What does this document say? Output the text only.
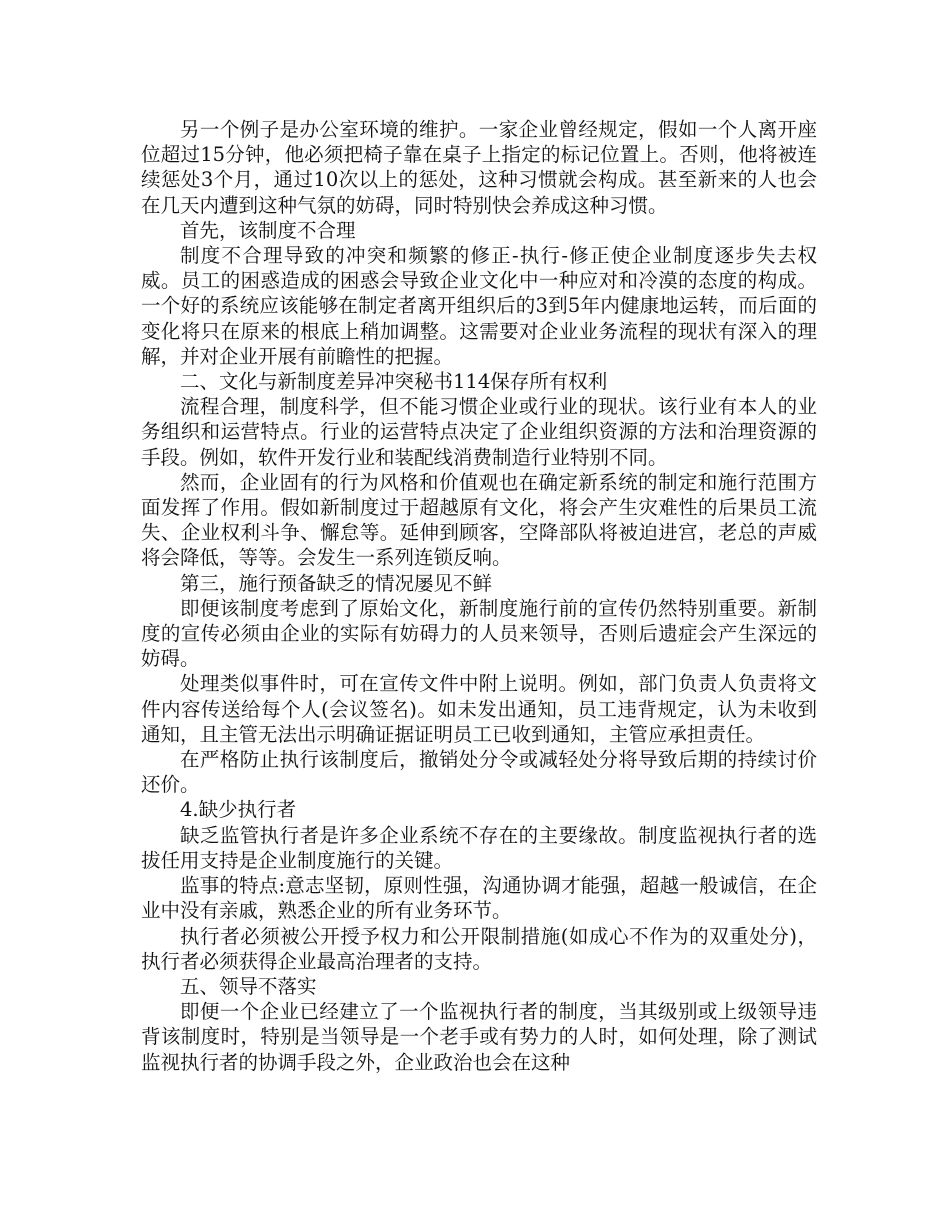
另一个例子是办公室环境的维护。一家企业曾经规定，假如一个人离开座位超过15分钟，他必须把椅子靠在桌子上指定的标记位置上。否则，他将被连续惩处3个月，通过10次以上的惩处，这种习惯就会构成。甚至新来的人也会在几天内遭到这种气氛的妨碍，同时特别快会养成这种习惯。

首先，该制度不合理

制度不合理导致的冲突和频繁的修正-执行-修正使企业制度逐步失去权威。员工的困惑造成的困惑会导致企业文化中一种应对和冷漠的态度的构成。一个好的系统应该能够在制定者离开组织后的3到5年内健康地运转，而后面的变化将只在原来的根底上稍加调整。这需要对企业业务流程的现状有深入的理解，并对企业开展有前瞻性的把握。

二、文化与新制度差异冲突秘书114保存所有权利

流程合理，制度科学，但不能习惯企业或行业的现状。该行业有本人的业务组织和运营特点。行业的运营特点决定了企业组织资源的方法和治理资源的手段。例如，软件开发行业和装配线消费制造行业特别不同。

然而，企业固有的行为风格和价值观也在确定新系统的制定和施行范围方面发挥了作用。假如新制度过于超越原有文化，将会产生灾难性的后果员工流失、企业权利斗争、懈怠等。延伸到顾客，空降部队将被迫进宫，老总的声威将会降低，等等。会发生一系列连锁反响。

第三，施行预备缺乏的情况屡见不鲜

即便该制度考虑到了原始文化，新制度施行前的宣传仍然特别重要。新制度的宣传必须由企业的实际有妨碍力的人员来领导，否则后遗症会产生深远的妨碍。

处理类似事件时，可在宣传文件中附上说明。例如，部门负责人负责将文件内容传送给每个人(会议签名)。如未发出通知，员工违背规定，认为未收到通知，且主管无法出示明确证据证明员工已收到通知，主管应承担责任。

在严格防止执行该制度后，撤销处分令或减轻处分将导致后期的持续讨价还价。

4.缺少执行者

缺乏监管执行者是许多企业系统不存在的主要缘故。制度监视执行者的选拔任用支持是企业制度施行的关键。

监事的特点:意志坚韧，原则性强，沟通协调才能强，超越一般诚信，在企业中没有亲戚，熟悉企业的所有业务环节。

执行者必须被公开授予权力和公开限制措施(如成心不作为的双重处分)，执行者必须获得企业最高治理者的支持。

五、领导不落实

即便一个企业已经建立了一个监视执行者的制度，当其级别或上级领导违背该制度时，特别是当领导是一个老手或有势力的人时，如何处理，除了测试监视执行者的协调手段之外，企业政治也会在这种
